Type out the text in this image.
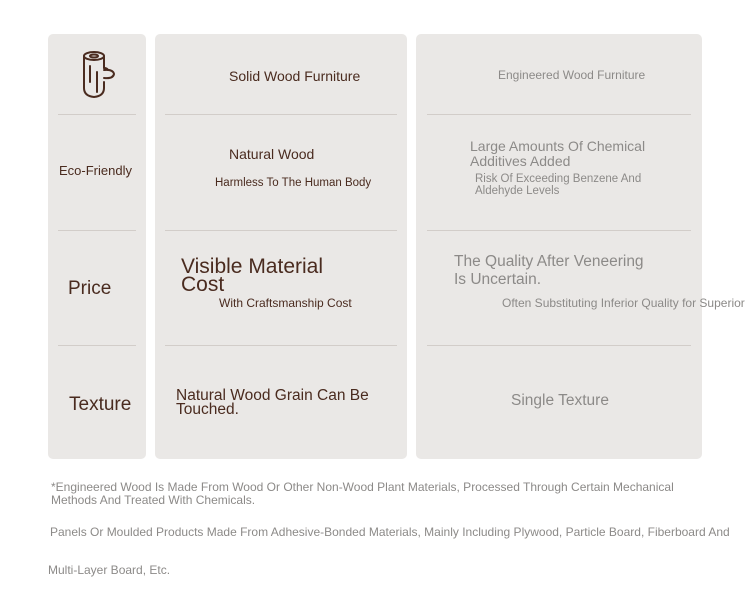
Solid Wood Furniture	Engineered Wood Furniture
Eco-Friendly
Natural Wood
Harmless To The Human Body
Large Amounts Of Chemical
Additives Added
Risk Of Exceeding Benzene And
Aldehyde Levels
Price
Visible Material
Cost
With Craftsmanship Cost
The Quality After Veneering
Is Uncertain.
Often Substituting Inferior Quality for Superior
Texture	Natural Wood Grain Can Be
Touched.
Single Texture
*Engineered Wood Is Made From Wood Or Other Non-Wood Plant Materials, Processed Through Certain Mechanical
Methods And Treated With Chemicals.
Panels Or Moulded Products Made From Adhesive-Bonded Materials, Mainly Including Plywood, Particle Board, Fiberboard And
Multi-Layer Board, Etc.
